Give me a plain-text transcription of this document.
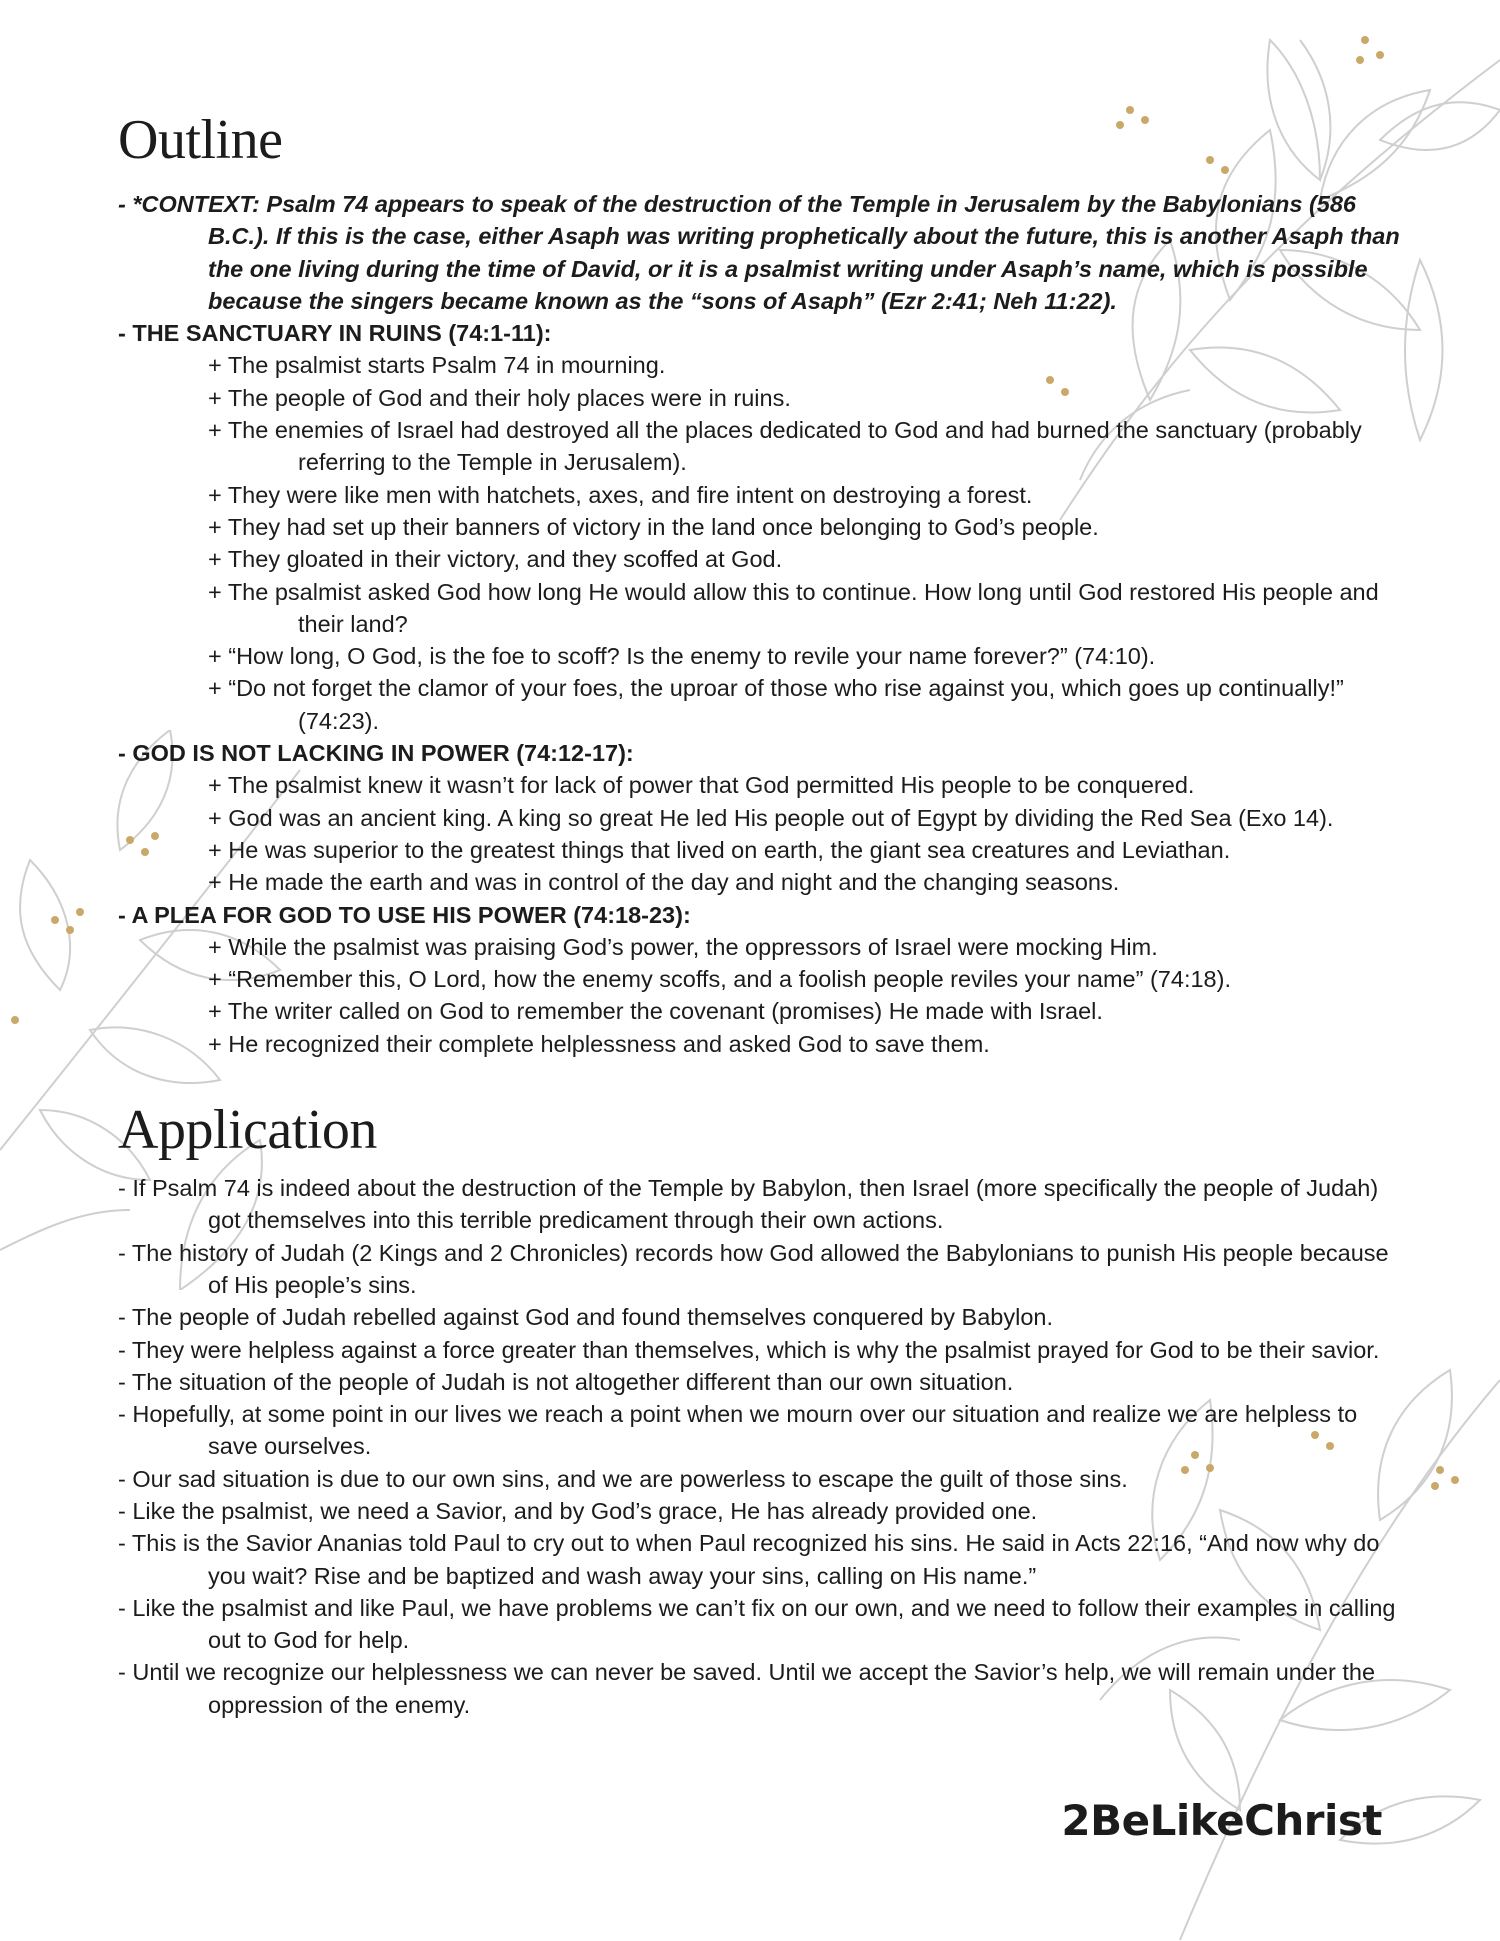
Outline
- *CONTEXT: Psalm 74 appears to speak of the destruction of the Temple in Jerusalem by the Babylonians (586 B.C.). If this is the case, either Asaph was writing prophetically about the future, this is another Asaph than the one living during the time of David, or it is a psalmist writing under Asaph’s name, which is possible because the singers became known as the “sons of Asaph” (Ezr 2:41; Neh 11:22).
- THE SANCTUARY IN RUINS (74:1-11):
+ The psalmist starts Psalm 74 in mourning.
+ The people of God and their holy places were in ruins.
+ The enemies of Israel had destroyed all the places dedicated to God and had burned the sanctuary (probably referring to the Temple in Jerusalem).
+ They were like men with hatchets, axes, and fire intent on destroying a forest.
+ They had set up their banners of victory in the land once belonging to God’s people.
+ They gloated in their victory, and they scoffed at God.
+ The psalmist asked God how long He would allow this to continue. How long until God restored His people and their land?
+ “How long, O God, is the foe to scoff? Is the enemy to revile your name forever?” (74:10).
+ “Do not forget the clamor of your foes, the uproar of those who rise against you, which goes up continually!” (74:23).
- GOD IS NOT LACKING IN POWER (74:12-17):
+ The psalmist knew it wasn’t for lack of power that God permitted His people to be conquered.
+ God was an ancient king. A king so great He led His people out of Egypt by dividing the Red Sea (Exo 14).
+ He was superior to the greatest things that lived on earth, the giant sea creatures and Leviathan.
+ He made the earth and was in control of the day and night and the changing seasons.
- A PLEA FOR GOD TO USE HIS POWER (74:18-23):
+ While the psalmist was praising God’s power, the oppressors of Israel were mocking Him.
+ “Remember this, O Lord, how the enemy scoffs, and a foolish people reviles your name” (74:18).
+ The writer called on God to remember the covenant (promises) He made with Israel.
+ He recognized their complete helplessness and asked God to save them.
Application
- If Psalm 74 is indeed about the destruction of the Temple by Babylon, then Israel (more specifically the people of Judah) got themselves into this terrible predicament through their own actions.
- The history of Judah (2 Kings and 2 Chronicles) records how God allowed the Babylonians to punish His people because of His people’s sins.
- The people of Judah rebelled against God and found themselves conquered by Babylon.
- They were helpless against a force greater than themselves, which is why the psalmist prayed for God to be their savior.
- The situation of the people of Judah is not altogether different than our own situation.
- Hopefully, at some point in our lives we reach a point when we mourn over our situation and realize we are helpless to save ourselves.
- Our sad situation is due to our own sins, and we are powerless to escape the guilt of those sins.
- Like the psalmist, we need a Savior, and by God’s grace, He has already provided one.
- This is the Savior Ananias told Paul to cry out to when Paul recognized his sins. He said in Acts 22:16, “And now why do you wait? Rise and be baptized and wash away your sins, calling on His name.”
- Like the psalmist and like Paul, we have problems we can’t fix on our own, and we need to follow their examples in calling out to God for help.
- Until we recognize our helplessness we can never be saved. Until we accept the Savior’s help, we will remain under the oppression of the enemy.
2BeLikeChrist
